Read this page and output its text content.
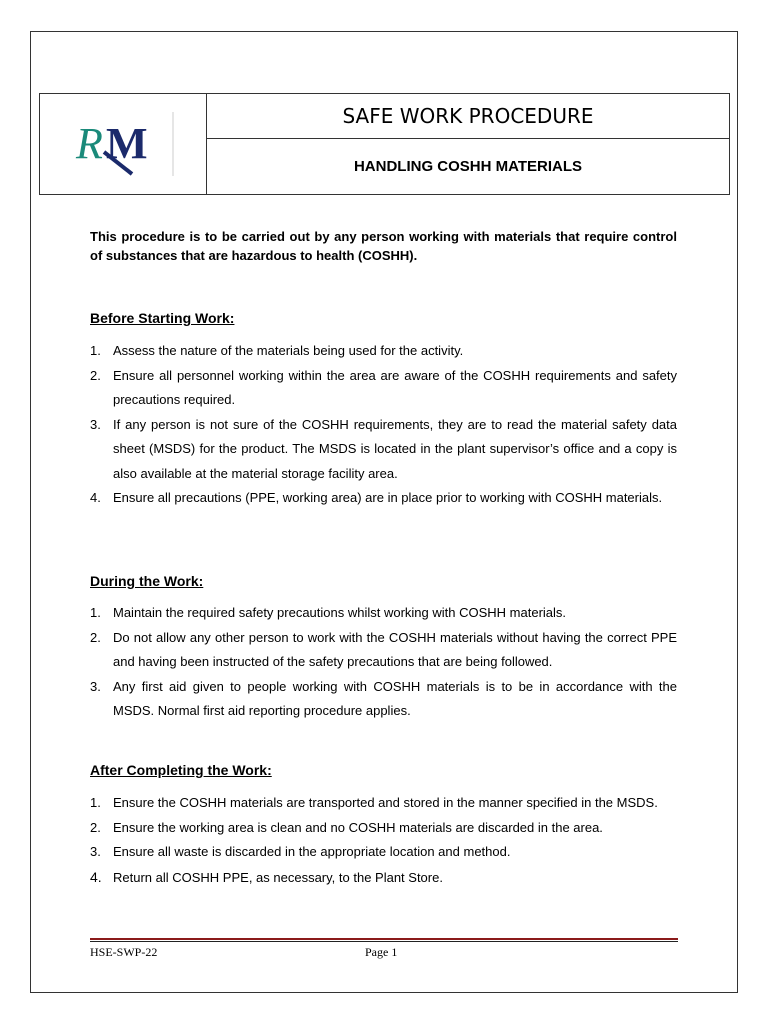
R M
SAFE WORK PROCEDURE
HANDLING COSHH MATERIALS

This procedure is to be carried out by any person working with materials that require control of substances that are hazardous to health (COSHH).

Before Starting Work:
1. Assess the nature of the materials being used for the activity.
2. Ensure all personnel working within the area are aware of the COSHH requirements and safety precautions required.
3. If any person is not sure of the COSHH requirements, they are to read the material safety data sheet (MSDS) for the product. The MSDS is located in the plant supervisor’s office and a copy is also available at the material storage facility area.
4. Ensure all precautions (PPE, working area) are in place prior to working with COSHH materials.
During the Work:
1. Maintain the required safety precautions whilst working with COSHH materials.
2. Do not allow any other person to work with the COSHH materials without having the correct PPE and having been instructed of the safety precautions that are being followed.
3. Any first aid given to people working with COSHH materials is to be in accordance with the MSDS. Normal first aid reporting procedure applies.
After Completing the Work:
1. Ensure the COSHH materials are transported and stored in the manner specified in the MSDS.
2. Ensure the working area is clean and no COSHH materials are discarded in the area.
3. Ensure all waste is discarded in the appropriate location and method.
4. Return all COSHH PPE, as necessary, to the Plant Store.
HSE-SWP-22	Page 1
